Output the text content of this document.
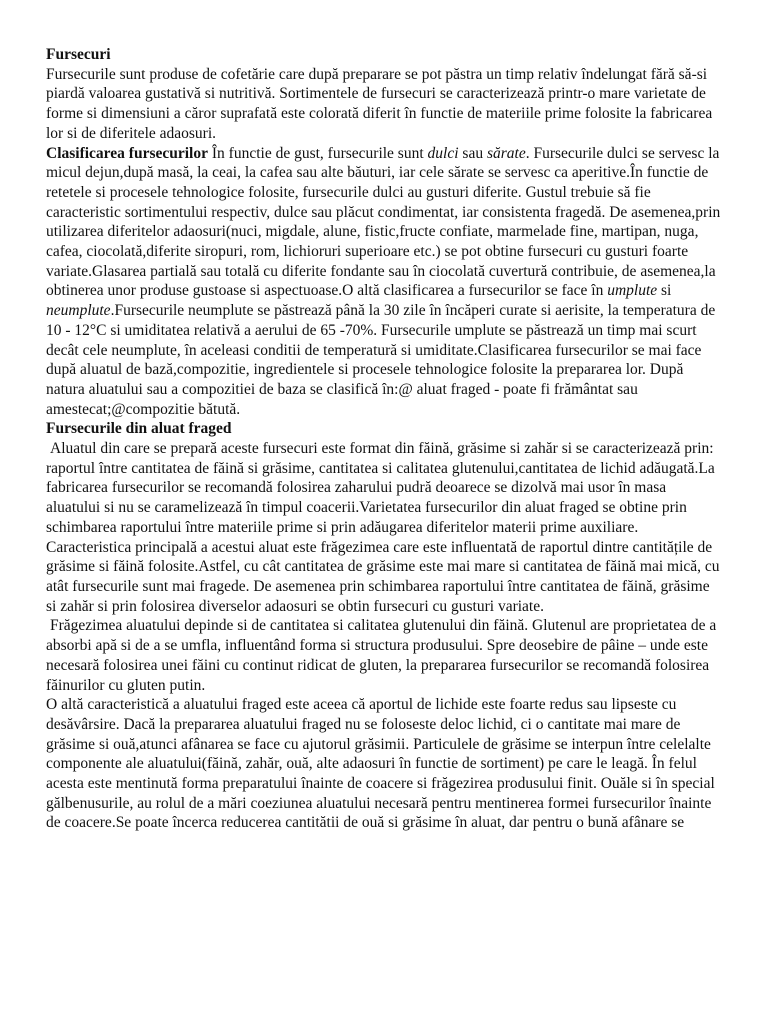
Fursecuri

Fursecurile sunt produse de cofetărie care după preparare se pot păstra un timp relativ îndelungat fără să-si piardă valoarea gustativă si nutritivă. Sortimentele de fursecuri se caracterizează printr-o mare varietate de forme si dimensiuni a căror suprafată este colorată diferit în functie de materiile prime folosite la fabricarea lor si de diferitele adaosuri.

Clasificarea fursecurilor În functie de gust, fursecurile sunt dulci sau sărate. Fursecurile dulci se servesc la micul dejun,după masă, la ceai, la cafea sau alte băuturi, iar cele sărate se servesc ca aperitive.În functie de retetele si procesele tehnologice folosite, fursecurile dulci au gusturi diferite. Gustul trebuie să fie caracteristic sortimentului respectiv, dulce sau plăcut condimentat, iar consistenta fragedă. De asemenea,prin utilizarea diferitelor adaosuri(nuci, migdale, alune, fistic,fructe confiate, marmelade fine, martipan, nuga, cafea, ciocolată,diferite siropuri, rom, lichioruri superioare etc.) se pot obtine fursecuri cu gusturi foarte variate.Glasarea partială sau totală cu diferite fondante sau în ciocolată cuvertură contribuie, de asemenea,la obtinerea unor produse gustoase si aspectuoase.O altă clasificarea a fursecurilor se face în umplute si neumplute.Fursecurile neumplute se păstrează până la 30 zile în încăperi curate si aerisite, la temperatura de 10 - 12°C si umiditatea relativă a aerului de 65 -70%. Fursecurile umplute se păstrează un timp mai scurt decât cele neumplute, în aceleasi conditii de temperatură si umiditate.Clasificarea fursecurilor se mai face după aluatul de bază,compozitie, ingredientele si procesele tehnologice folosite la prepararea lor. După natura aluatului sau a compozitiei de baza se clasifică în:@ aluat fraged - poate fi frământat sau amestecat;@compozitie bătută.

Fursecurile din aluat fraged

Aluatul din care se prepară aceste fursecuri este format din făină, grăsime si zahăr si se caracterizează prin: raportul între cantitatea de făină si grăsime, cantitatea si calitatea glutenului,cantitatea de lichid adăugată.La fabricarea fursecurilor se recomandă folosirea zaharului pudră deoarece se dizolvă mai usor în masa aluatului si nu se caramelizează în timpul coacerii.Varietatea fursecurilor din aluat fraged se obtine prin schimbarea raportului între materiile prime si prin adăugarea diferitelor materii prime auxiliare. Caracteristica principală a acestui aluat este frăgezimea care este influentată de raportul dintre cantitățile de grăsime si făină folosite.Astfel, cu cât cantitatea de grăsime este mai mare si cantitatea de făină mai mică, cu atât fursecurile sunt mai fragede. De asemenea prin schimbarea raportului între cantitatea de făină, grăsime si zahăr si prin folosirea diverselor adaosuri se obtin fursecuri cu gusturi variate.

Frăgezimea aluatului depinde si de cantitatea si calitatea glutenului din făină. Glutenul are proprietatea de a absorbi apă si de a se umfla, influentând forma si structura produsului. Spre deosebire de pâine – unde este necesară folosirea unei făini cu continut ridicat de gluten, la prepararea fursecurilor se recomandă folosirea făinurilor cu gluten putin.

O altă caracteristică a aluatului fraged este aceea că aportul de lichide este foarte redus sau lipseste cu desăvârsire. Dacă la prepararea aluatului fraged nu se foloseste deloc lichid, ci o cantitate mai mare de grăsime si ouă,atunci afânarea se face cu ajutorul grăsimii. Particulele de grăsime se interpun între celelalte componente ale aluatului(făină, zahăr, ouă, alte adaosuri în functie de sortiment) pe care le leagă. În felul acesta este mentinută forma preparatului înainte de coacere si frăgezirea produsului finit. Ouăle si în special gălbenusurile, au rolul de a mări coeziunea aluatului necesară pentru mentinerea formei fursecurilor înainte de coacere.Se poate încerca reducerea cantitătii de ouă si grăsime în aluat, dar pentru o bună afânare se
